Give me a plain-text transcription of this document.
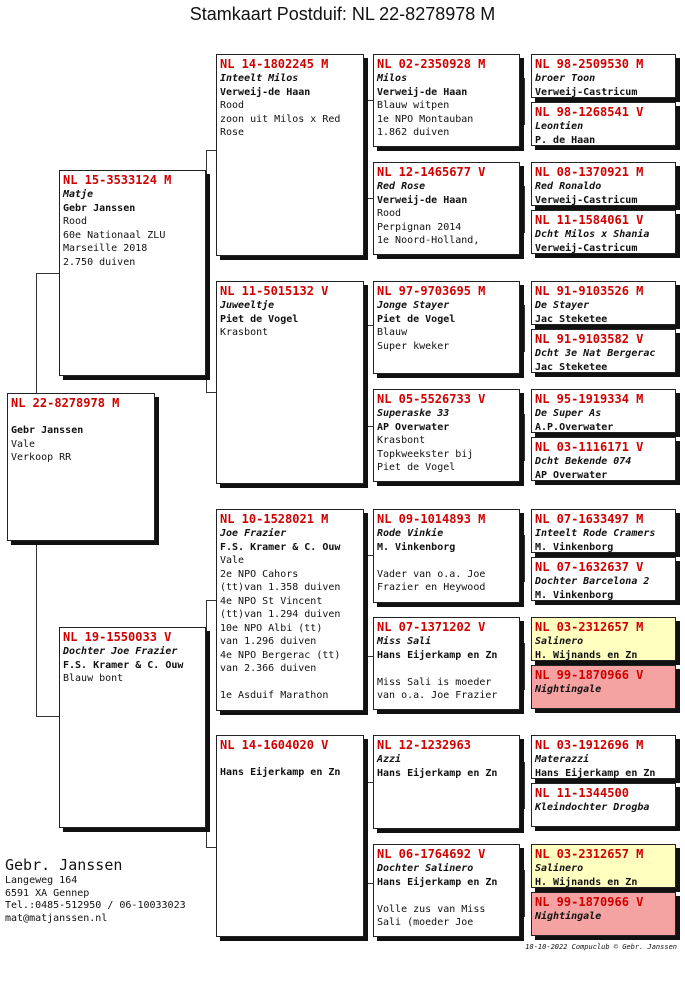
Stamkaart Postduif: NL 22-8278978 M
NL 22-8278978 M
Gebr Janssen
Vale
Verkoop RR
NL 15-3533124 M
Matje
Gebr Janssen
Rood
60e Nationaal ZLU
Marseille 2018
2.750 duiven
NL 19-1550033 V
Dochter Joe Frazier
F.S. Kramer & C. Ouw
Blauw bont
NL 14-1802245 M
Inteelt Milos
Verweij-de Haan
Rood
zoon uit Milos x Red
Rose
NL 11-5015132 V
Juweeltje
Piet de Vogel
Krasbont
NL 10-1528021 M
Joe Frazier
F.S. Kramer & C. Ouw
Vale
2e NPO Cahors
(tt)van 1.358 duiven
4e NPO St Vincent
(tt)van 1.294 duiven
10e NPO Albi (tt)
van 1.296 duiven
4e NPO Bergerac (tt)
van 2.366 duiven

1e Asduif Marathon
NL 14-1604020 V
Hans Eijerkamp en Zn
NL 02-2350928 M
Milos
Verweij-de Haan
Blauw witpen
1e NPO Montauban
1.862 duiven
NL 12-1465677 V
Red Rose
Verweij-de Haan
Rood
Perpignan 2014
1e Noord-Holland,
NL 97-9703695 M
Jonge Stayer
Piet de Vogel
Blauw
Super kweker
NL 05-5526733 V
Superaske 33
AP Overwater
Krasbont
Topkweekster bij
Piet de Vogel
NL 09-1014893 M
Rode Vinkie
M. Vinkenborg

Vader van o.a. Joe
Frazier en Heywood
NL 07-1371202 V
Miss Sali
Hans Eijerkamp en Zn

Miss Sali is moeder
van o.a. Joe Frazier
NL 12-1232963
Azzi
Hans Eijerkamp en Zn
NL 06-1764692 V
Dochter Salinero
Hans Eijerkamp en Zn

Volle zus van Miss
Sali (moeder Joe
NL 98-2509530 M
broer Toon
Verweij-Castricum
NL 98-1268541 V
Leontien
P. de Haan
NL 08-1370921 M
Red Ronaldo
Verweij-Castricum
NL 11-1584061 V
Dcht Milos x Shania
Verweij-Castricum
NL 91-9103526 M
De Stayer
Jac Steketee
NL 91-9103582 V
Dcht 3e Nat Bergerac
Jac Steketee
NL 95-1919334 M
De Super As
A.P.Overwater
NL 03-1116171 V
Dcht Bekende 074
AP Overwater
NL 07-1633497 M
Inteelt Rode Cramers
M. Vinkenborg
NL 07-1632637 V
Dochter Barcelona 2
M. Vinkenborg
NL 03-2312657 M
Salinero
H. Wijnands en Zn
NL 99-1870966 V
Nightingale
NL 03-1912696 M
Materazzi
Hans Eijerkamp en Zn
NL 11-1344500
Kleindochter Drogba
NL 03-2312657 M
Salinero
H. Wijnands en Zn
NL 99-1870966 V
Nightingale
Gebr. Janssen
Langeweg 164
6591 XA Gennep
Tel.:0485-512950 / 06-10033023
mat@matjanssen.nl
18-10-2022 Compuclub © Gebr. Janssen
